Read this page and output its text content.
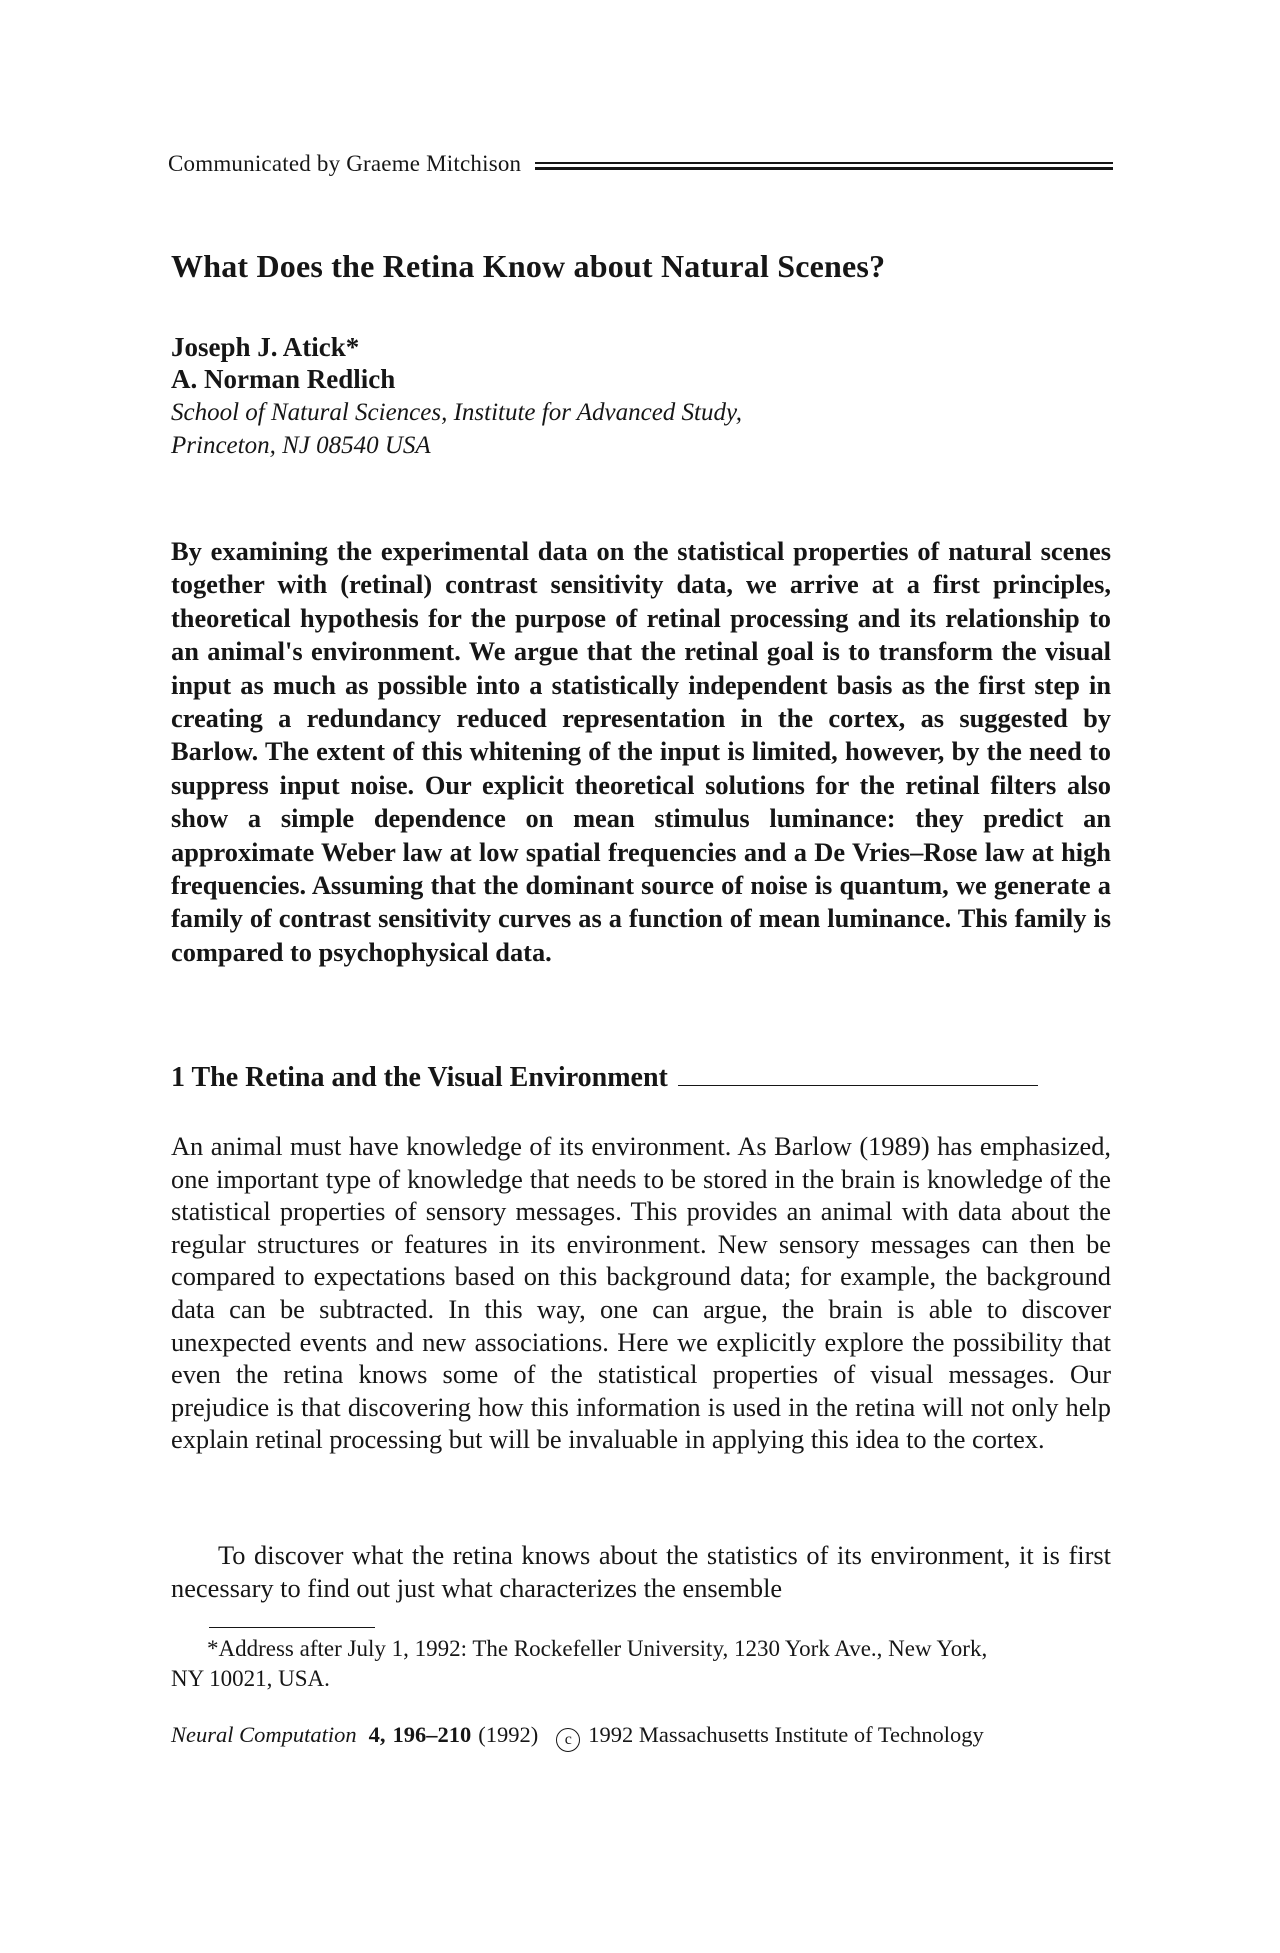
Communicated by Graeme Mitchison
What Does the Retina Know about Natural Scenes?
Joseph J. Atick*
A. Norman Redlich
School of Natural Sciences, Institute for Advanced Study,
Princeton, NJ 08540 USA
By examining the experimental data on the statistical properties of natural scenes together with (retinal) contrast sensitivity data, we arrive at a first principles, theoretical hypothesis for the purpose of retinal processing and its relationship to an animal's environment. We argue that the retinal goal is to transform the visual input as much as possible into a statistically independent basis as the first step in creating a redundancy reduced representation in the cortex, as suggested by Barlow. The extent of this whitening of the input is limited, however, by the need to suppress input noise. Our explicit theoretical solutions for the retinal filters also show a simple dependence on mean stimulus luminance: they predict an approximate Weber law at low spatial frequencies and a De Vries–Rose law at high frequencies. Assuming that the dominant source of noise is quantum, we generate a family of contrast sensitivity curves as a function of mean luminance. This family is compared to psychophysical data.
1 The Retina and the Visual Environment
An animal must have knowledge of its environment. As Barlow (1989) has emphasized, one important type of knowledge that needs to be stored in the brain is knowledge of the statistical properties of sensory messages. This provides an animal with data about the regular structures or features in its environment. New sensory messages can then be compared to expectations based on this background data; for example, the background data can be subtracted. In this way, one can argue, the brain is able to discover unexpected events and new associations. Here we explicitly explore the possibility that even the retina knows some of the statistical properties of visual messages. Our prejudice is that discovering how this information is used in the retina will not only help explain retinal processing but will be invaluable in applying this idea to the cortex.
To discover what the retina knows about the statistics of its environment, it is first necessary to find out just what characterizes the ensemble
*Address after July 1, 1992: The Rockefeller University, 1230 York Ave., New York,
NY 10021, USA.
Neural Computation 4, 196–210 (1992)	c 1992 Massachusetts Institute of Technology
